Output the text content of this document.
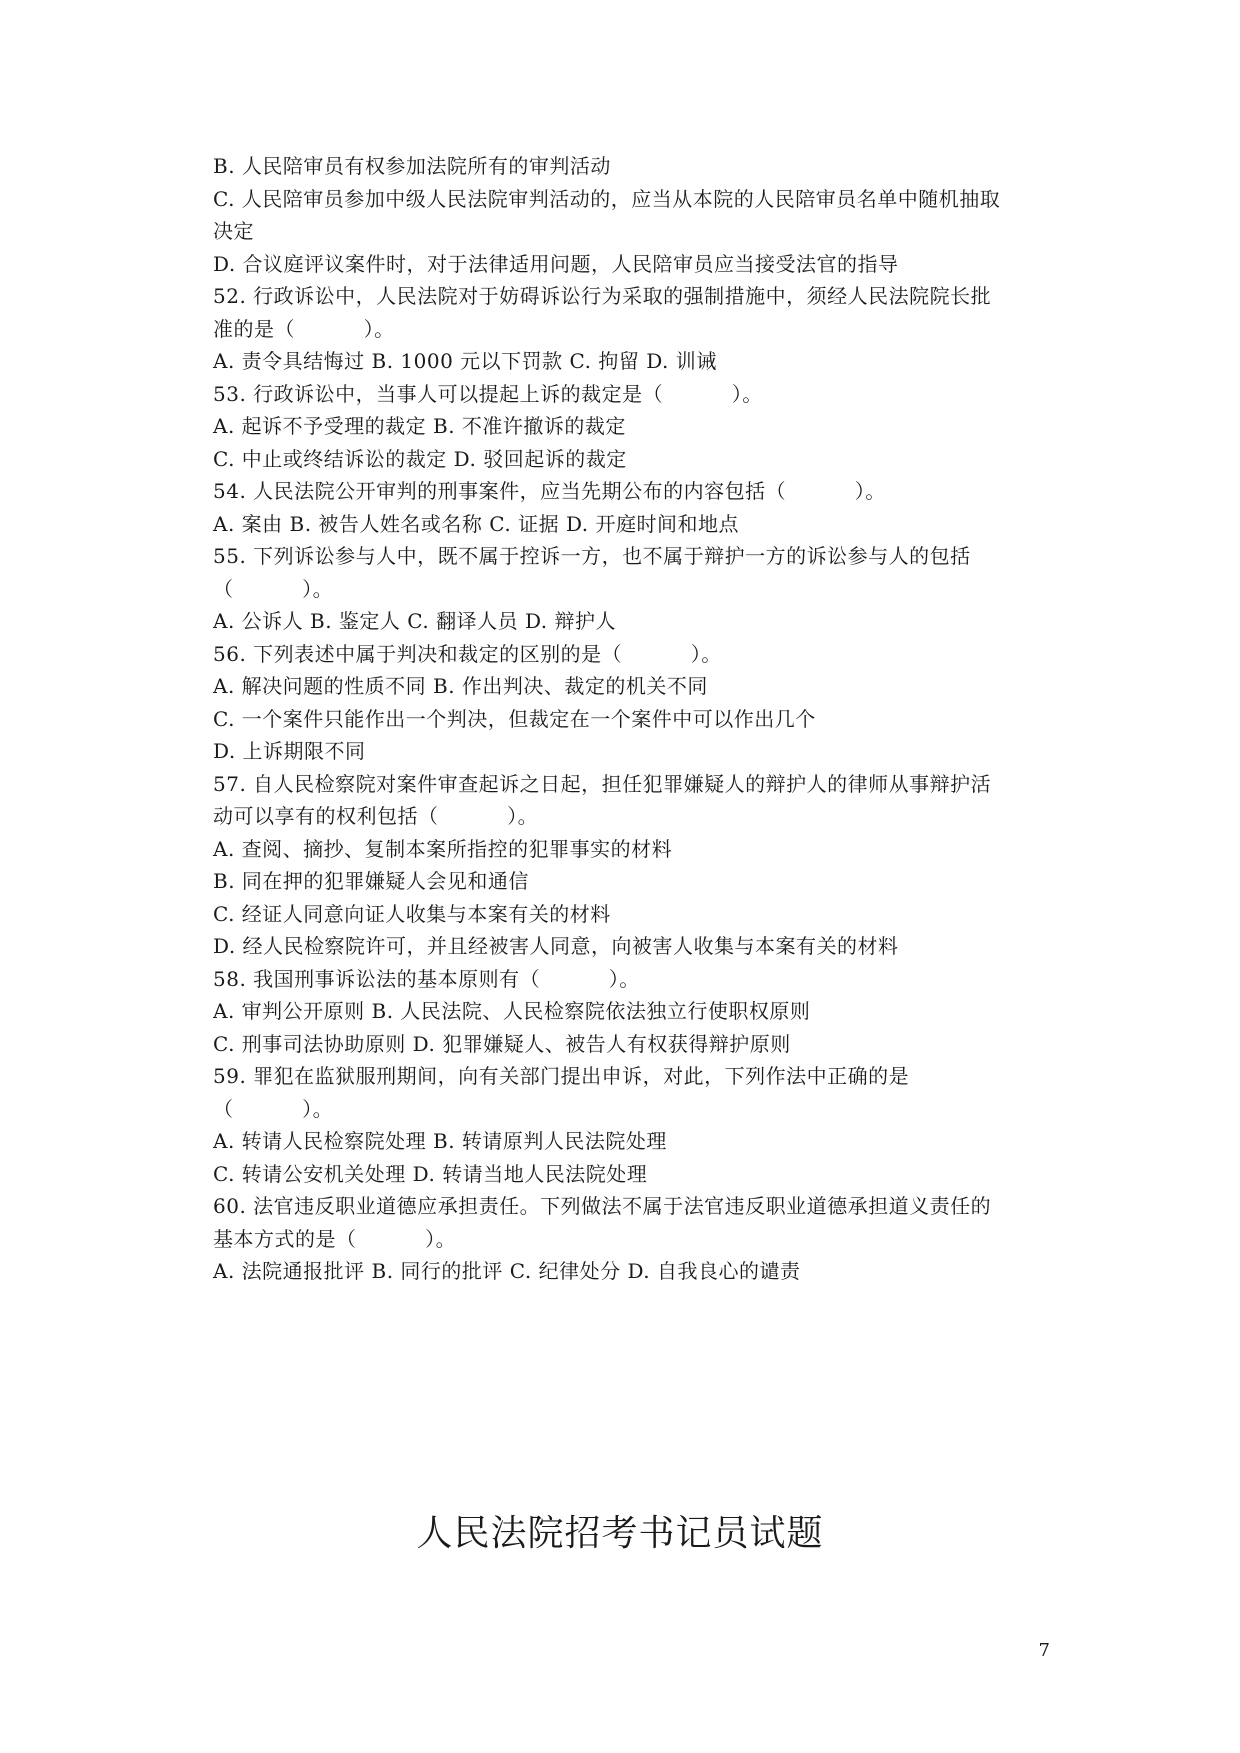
B. 人民陪审员有权参加法院所有的审判活动
C. 人民陪审员参加中级人民法院审判活动的，应当从本院的人民陪审员名单中随机抽取
决定
D. 合议庭评议案件时，对于法律适用问题，人民陪审员应当接受法官的指导
52. 行政诉讼中，人民法院对于妨碍诉讼行为采取的强制措施中，须经人民法院院长批
准的是（          ）。
A. 责令具结悔过 B. 1000 元以下罚款 C. 拘留 D. 训诫
53. 行政诉讼中，当事人可以提起上诉的裁定是（          ）。
A. 起诉不予受理的裁定 B. 不准许撤诉的裁定
C. 中止或终结诉讼的裁定 D. 驳回起诉的裁定
54. 人民法院公开审判的刑事案件，应当先期公布的内容包括（          ）。
A. 案由 B. 被告人姓名或名称 C. 证据 D. 开庭时间和地点
55. 下列诉讼参与人中，既不属于控诉一方，也不属于辩护一方的诉讼参与人的包括
（          ）。
A. 公诉人 B. 鉴定人 C. 翻译人员 D. 辩护人
56. 下列表述中属于判决和裁定的区别的是（          ）。
A. 解决问题的性质不同 B. 作出判决、裁定的机关不同
C. 一个案件只能作出一个判决，但裁定在一个案件中可以作出几个
D. 上诉期限不同
57. 自人民检察院对案件审查起诉之日起，担任犯罪嫌疑人的辩护人的律师从事辩护活
动可以享有的权利包括（          ）。
A. 查阅、摘抄、复制本案所指控的犯罪事实的材料
B. 同在押的犯罪嫌疑人会见和通信
C. 经证人同意向证人收集与本案有关的材料
D. 经人民检察院许可，并且经被害人同意，向被害人收集与本案有关的材料
58. 我国刑事诉讼法的基本原则有（          ）。
A. 审判公开原则 B. 人民法院、人民检察院依法独立行使职权原则
C. 刑事司法协助原则 D. 犯罪嫌疑人、被告人有权获得辩护原则
59. 罪犯在监狱服刑期间，向有关部门提出申诉，对此，下列作法中正确的是
（          ）。
A. 转请人民检察院处理 B. 转请原判人民法院处理
C. 转请公安机关处理 D. 转请当地人民法院处理
60. 法官违反职业道德应承担责任。下列做法不属于法官违反职业道德承担道义责任的
基本方式的是（          ）。
A. 法院通报批评 B. 同行的批评 C. 纪律处分 D. 自我良心的谴责
人民法院招考书记员试题
7
